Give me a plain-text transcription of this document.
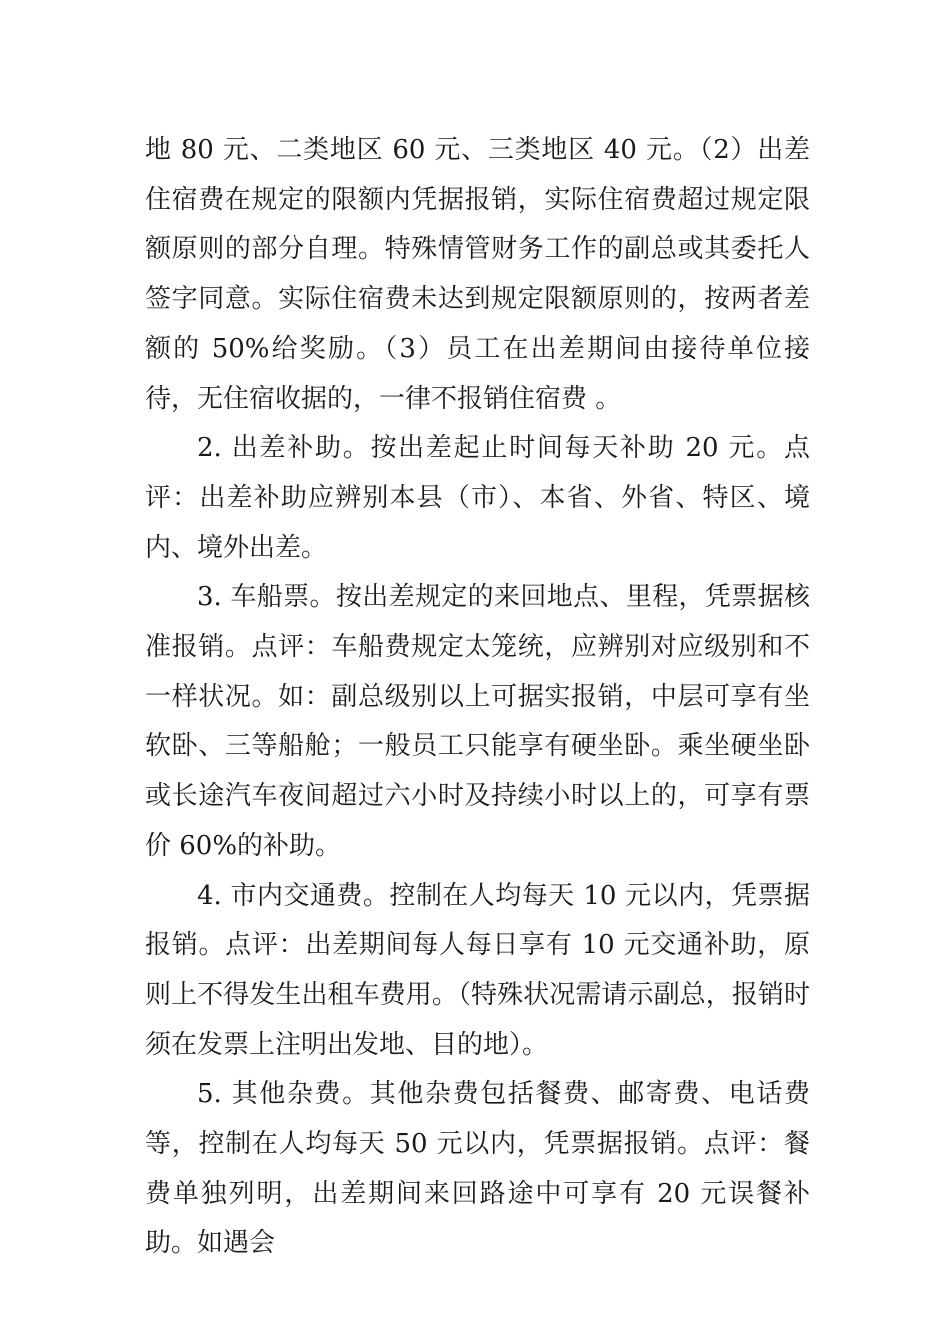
地 80 元、二类地区 60 元、三类地区 40 元。（2）出差住宿费在规定的限额内凭据报销，实际住宿费超过规定限额原则的部分自理。特殊情管财务工作的副总或其委托人签字同意。实际住宿费未达到规定限额原则的，按两者差额的 50%给奖励。（3）员工在出差期间由接待单位接待，无住宿收据的，一律不报销住宿费 。

2. 出差补助。按出差起止时间每天补助 20 元。点评：出差补助应辨别本县（市）、本省、外省、特区、境内、境外出差。

3. 车船票。按出差规定的来回地点、里程，凭票据核准报销。点评：车船费规定太笼统，应辨别对应级别和不一样状况。如：副总级别以上可据实报销，中层可享有坐软卧、三等船舱；一般员工只能享有硬坐卧。乘坐硬坐卧或长途汽车夜间超过六小时及持续小时以上的，可享有票价 60%的补助。

4. 市内交通费。控制在人均每天 10 元以内，凭票据报销。点评：出差期间每人每日享有 10 元交通补助，原则上不得发生出租车费用。（特殊状况需请示副总，报销时须在发票上注明出发地、目的地）。

5. 其他杂费。其他杂费包括餐费、邮寄费、电话费等，控制在人均每天 50 元以内，凭票据报销。点评：餐费单独列明，出差期间来回路途中可享有 20 元误餐补助。如遇会
